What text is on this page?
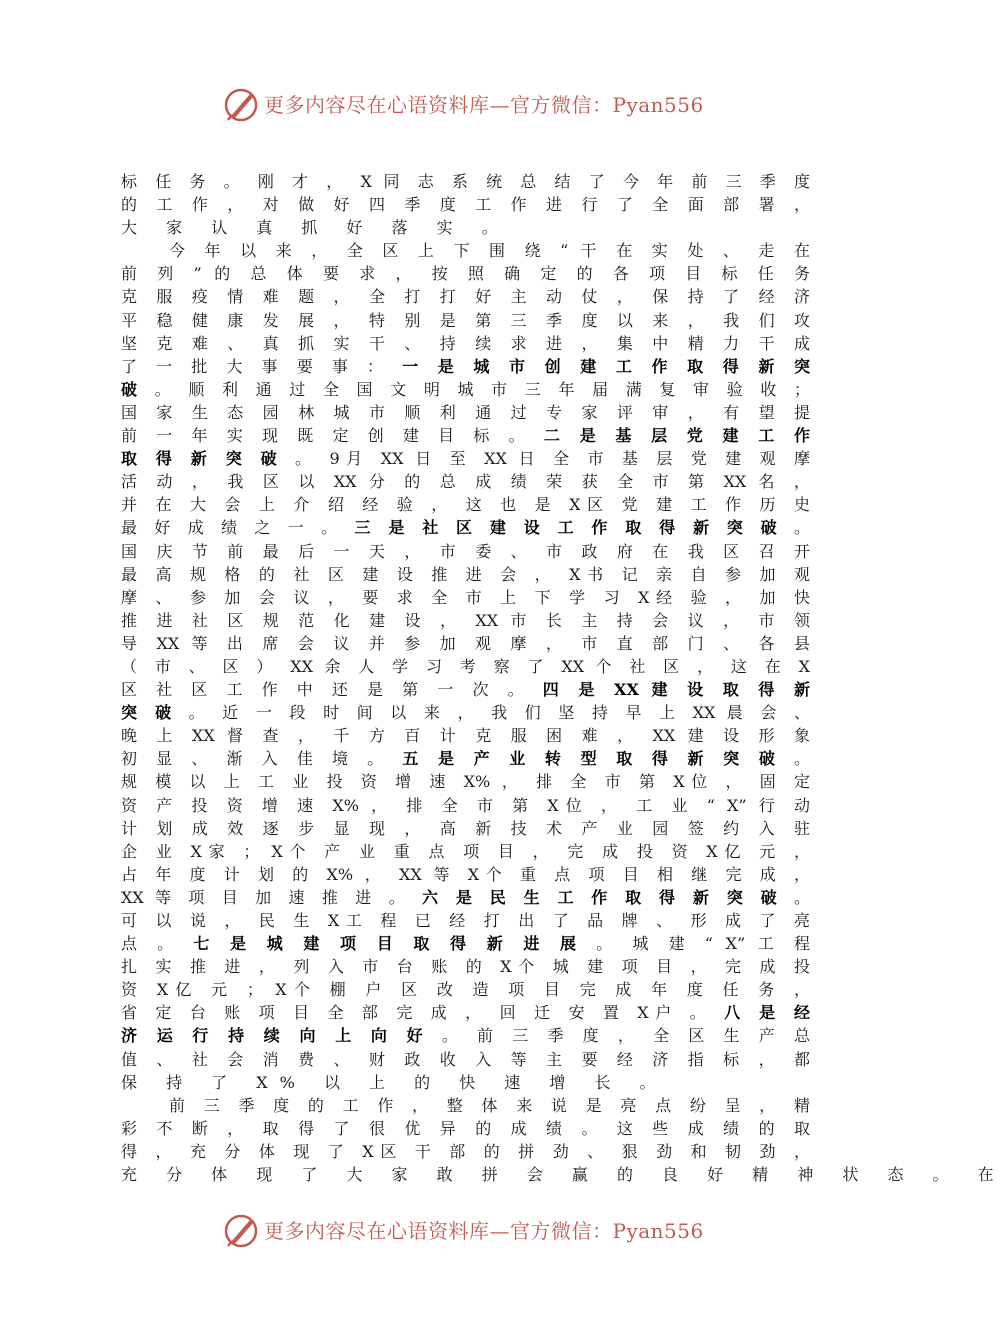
更多内容尽在心语资料库—官方微信：Pyan556
标 任 务 。 刚 才 ， X 同 志 系 统 总 结 了 今 年 前 三 季 度
的 工 作 ， 对 做 好 四 季 度 工 作 进 行 了 全 面 部 署 ，
大 家 认 真 抓 好 落 实 。
今 年 以 来 ， 全 区 上 下 围 绕 “ 干 在 实 处 、 走 在
前 列 ” 的 总 体 要 求 ， 按 照 确 定 的 各 项 目 标 任 务
克 服 疫 情 难 题 ， 全 打 打 好 主 动 仗 ， 保 持 了 经 济
平 稳 健 康 发 展 ， 特 别 是 第 三 季 度 以 来 ， 我 们 攻
坚 克 难 、 真 抓 实 干 、 持 续 求 进 ， 集 中 精 力 干 成
了 一 批 大 事 要 事 ： 一 是 城 市 创 建 工 作 取 得 新 突
破 。 顺 利 通 过 全 国 文 明 城 市 三 年 届 满 复 审 验 收 ；
国 家 生 态 园 林 城 市 顺 利 通 过 专 家 评 审 ， 有 望 提
前 一 年 实 现 既 定 创 建 目 标 。 二 是 基 层 党 建 工 作
取 得 新 突 破 。 9月 XX 日 至 XX 日 全 市 基 层 党 建 观 摩
活 动 ， 我 区 以 XX 分 的 总 成 绩 荣 获 全 市 第 XX 名 ，
并 在 大 会 上 介 绍 经 验 ， 这 也 是 X区 党 建 工 作 历 史
最 好 成 绩 之 一 。 三 是 社 区 建 设 工 作 取 得 新 突 破 。
国 庆 节 前 最 后 一 天 ， 市 委 、 市 政 府 在 我 区 召 开
最 高 规 格 的 社 区 建 设 推 进 会 ， X书 记 亲 自 参 加 观
摩 、 参 加 会 议 ， 要 求 全 市 上 下 学 习 X经 验 ， 加 快
推 进 社 区 规 范 化 建 设 ， XX 市 长 主 持 会 议 ， 市 领
导 XX 等 出 席 会 议 并 参 加 观 摩 ， 市 直 部 门 、 各 县
（ 市 、 区 ） XX 余 人 学 习 考 察 了 XX 个 社 区 ， 这 在 X
区 社 区 工 作 中 还 是 第 一 次 。 四 是 XX 建 设 取 得 新
突 破 。 近 一 段 时 间 以 来 ， 我 们 坚 持 早 上 XX 晨 会 、
晚 上 XX 督 查 ， 千 方 百 计 克 服 困 难 ， XX 建 设 形 象
初 显 、 渐 入 佳 境 。 五 是 产 业 转 型 取 得 新 突 破 。
规 模 以 上 工 业 投 资 增 速 X% ， 排 全 市 第 X位 ， 固 定
资 产 投 资 增 速 X% ， 排 全 市 第 X位 ， 工 业 “ X” 行 动
计 划 成 效 逐 步 显 现 ， 高 新 技 术 产 业 园 签 约 入 驻
企 业 X家 ； X个 产 业 重 点 项 目 ， 完 成 投 资 X亿 元 ，
占 年 度 计 划 的 X% ， XX 等 X个 重 点 项 目 相 继 完 成 ，
XX 等 项 目 加 速 推 进 。 六 是 民 生 工 作 取 得 新 突 破 。
可 以 说 ， 民 生 X工 程 已 经 打 出 了 品 牌 、 形 成 了 亮
点 。 七 是 城 建 项 目 取 得 新 进 展 。 城 建 “ X” 工 程
扎 实 推 进 ， 列 入 市 台 账 的 X个 城 建 项 目 ， 完 成 投
资 X亿 元 ； X个 棚 户 区 改 造 项 目 完 成 年 度 任 务 ，
省 定 台 账 项 目 全 部 完 成 ， 回 迁 安 置 X户 。 八 是 经
济 运 行 持 续 向 上 向 好 。 前 三 季 度 ， 全 区 生 产 总
值 、 社 会 消 费 、 财 政 收 入 等 主 要 经 济 指 标 ， 都
保 持 了 X% 以 上 的 快 速 增 长 。
前 三 季 度 的 工 作 ， 整 体 来 说 是 亮 点 纷 呈 ， 精
彩 不 断 ， 取 得 了 很 优 异 的 成 绩 。 这 些 成 绩 的 取
得 ， 充 分 体 现 了 X区 干 部 的 拼 劲 、 狠 劲 和 韧 劲 ，
充 分 体 现 了 大 家 敢 拼 会 赢 的 良 好 精 神 状 态 。 在
更多内容尽在心语资料库—官方微信：Pyan556
